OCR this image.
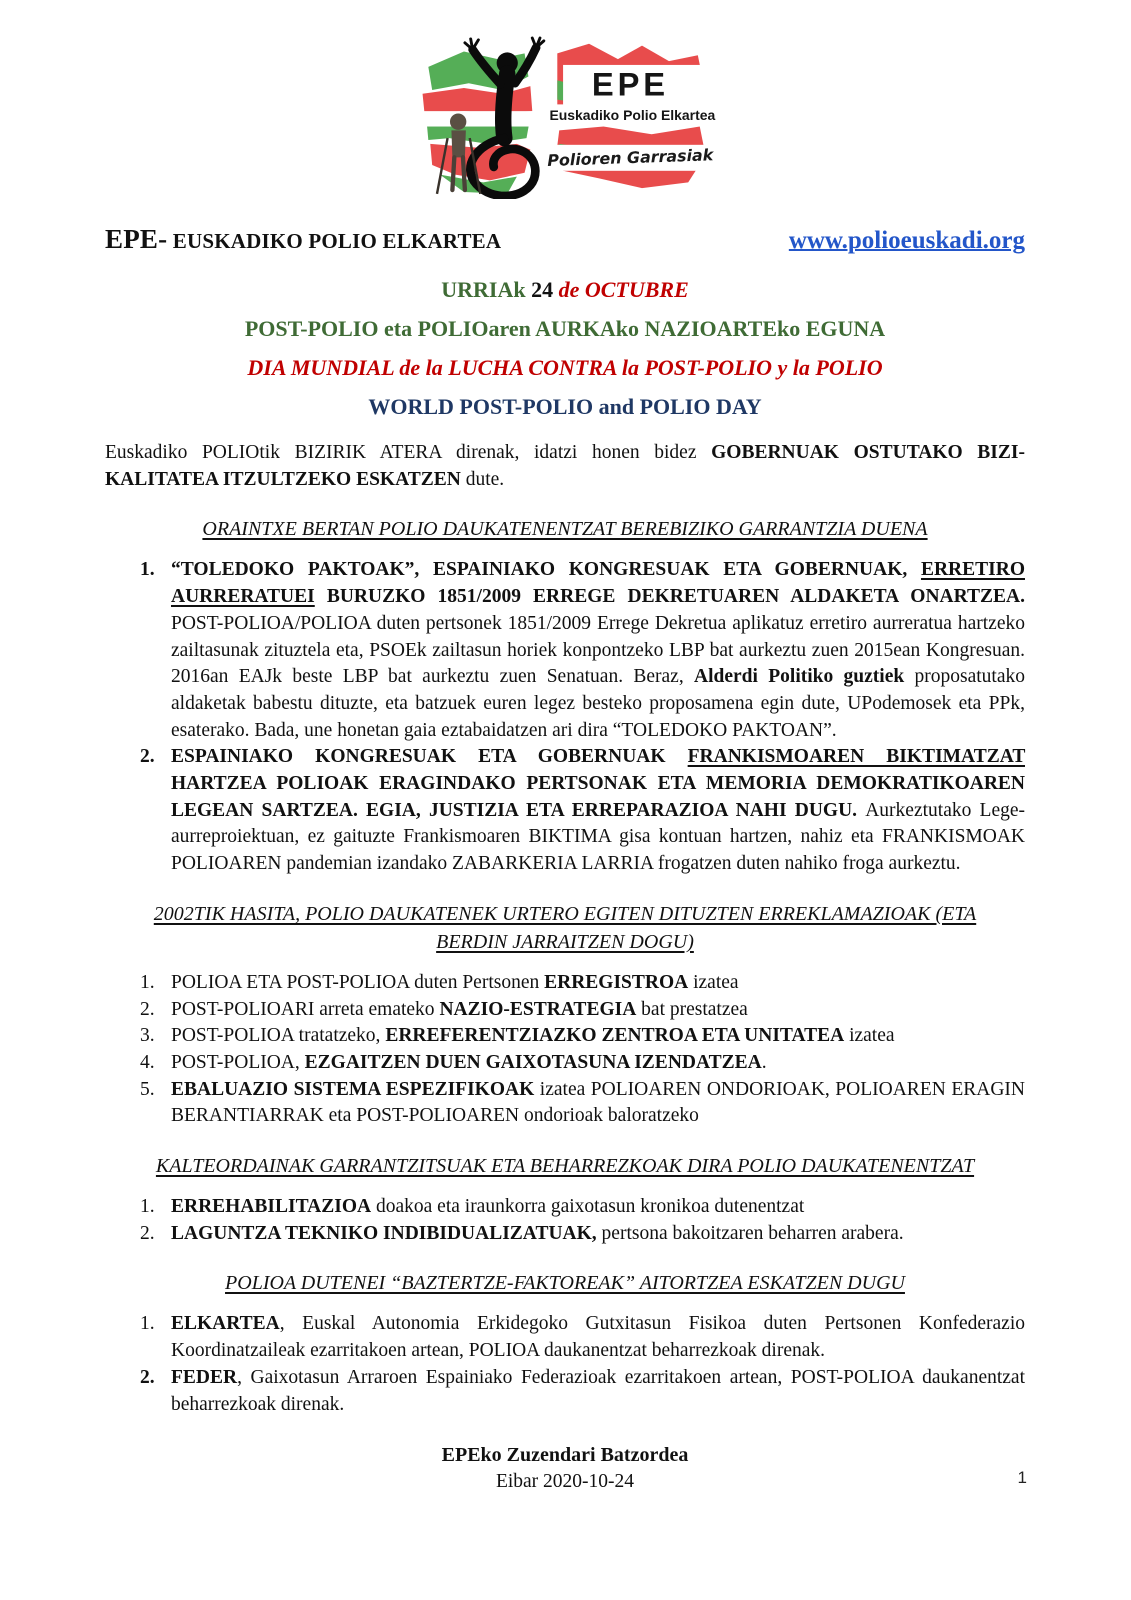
EPE
Euskadiko Polio Elkartea
Polioren Garrasiak
EPE- EUSKADIKO POLIO ELKARTEA	www.polioeuskadi.org
URRIAk 24 de OCTUBRE
POST-POLIO eta POLIOaren AURKAko NAZIOARTEko EGUNA
DIA MUNDIAL de la LUCHA CONTRA la POST-POLIO y la POLIO
WORLD POST-POLIO and POLIO DAY

Euskadiko POLIOtik BIZIRIK ATERA direnak, idatzi honen bidez GOBERNUAK OSTUTAKO BIZI-KALITATEA ITZULTZEKO ESKATZEN dute.

ORAINTXE BERTAN POLIO DAUKATENENTZAT BEREBIZIKO GARRANTZIA DUENA
1. “TOLEDOKO PAKTOAK”, ESPAINIAKO KONGRESUAK ETA GOBERNUAK, ERRETIRO AURRERATUEI BURUZKO 1851/2009 ERREGE DEKRETUAREN ALDAKETA ONARTZEA. POST-POLIOA/POLIOA duten pertsonek 1851/2009 Errege Dekretua aplikatuz erretiro aurreratua hartzeko zailtasunak zituztela eta, PSOEk zailtasun horiek konpontzeko LBP bat aurkeztu zuen 2015ean Kongresuan. 2016an EAJk beste LBP bat aurkeztu zuen Senatuan. Beraz, Alderdi Politiko guztiek proposatutako aldaketak babestu dituzte, eta batzuek euren legez besteko proposamena egin dute, UPodemosek eta PPk, esaterako. Bada, une honetan gaia eztabaidatzen ari dira “TOLEDOKO PAKTOAN”.
2. ESPAINIAKO KONGRESUAK ETA GOBERNUAK FRANKISMOAREN BIKTIMATZAT HARTZEA POLIOAK ERAGINDAKO PERTSONAK ETA MEMORIA DEMOKRATIKOAREN LEGEAN SARTZEA. EGIA, JUSTIZIA ETA ERREPARAZIOA NAHI DUGU. Aurkeztutako Lege-aurreproiektuan, ez gaituzte Frankismoaren BIKTIMA gisa kontuan hartzen, nahiz eta FRANKISMOAK POLIOAREN pandemian izandako ZABARKERIA LARRIA frogatzen duten nahiko froga aurkeztu.
2002TIK HASITA, POLIO DAUKATENEK URTERO EGITEN DITUZTEN ERREKLAMAZIOAK (ETA BERDIN JARRAITZEN DOGU)
1. POLIOA ETA POST-POLIOA duten Pertsonen ERREGISTROA izatea
2. POST-POLIOARI arreta emateko NAZIO-ESTRATEGIA bat prestatzea
3. POST-POLIOA tratatzeko, ERREFERENTZIAZKO ZENTROA ETA UNITATEA izatea
4. POST-POLIOA, EZGAITZEN DUEN GAIXOTASUNA IZENDATZEA.
5. EBALUAZIO SISTEMA ESPEZIFIKOAK izatea POLIOAREN ONDORIOAK, POLIOAREN ERAGIN BERANTIARRAK eta POST-POLIOAREN ondorioak baloratzeko
KALTEORDAINAK GARRANTZITSUAK ETA BEHARREZKOAK DIRA POLIO DAUKATENENTZAT
1. ERREHABILITAZIOA doakoa eta iraunkorra gaixotasun kronikoa dutenentzat
2. LAGUNTZA TEKNIKO INDIBIDUALIZATUAK, pertsona bakoitzaren beharren arabera.
POLIOA DUTENEI “BAZTERTZE-FAKTOREAK” AITORTZEA ESKATZEN DUGU
1. ELKARTEA, Euskal Autonomia Erkidegoko Gutxitasun Fisikoa duten Pertsonen Konfederazio Koordinatzaileak ezarritakoen artean, POLIOA daukanentzat beharrezkoak direnak.
2. FEDER, Gaixotasun Arraroen Espainiako Federazioak ezarritakoen artean, POST-POLIOA daukanentzat beharrezkoak direnak.
EPEko Zuzendari Batzordea
Eibar 2020-10-24	1
